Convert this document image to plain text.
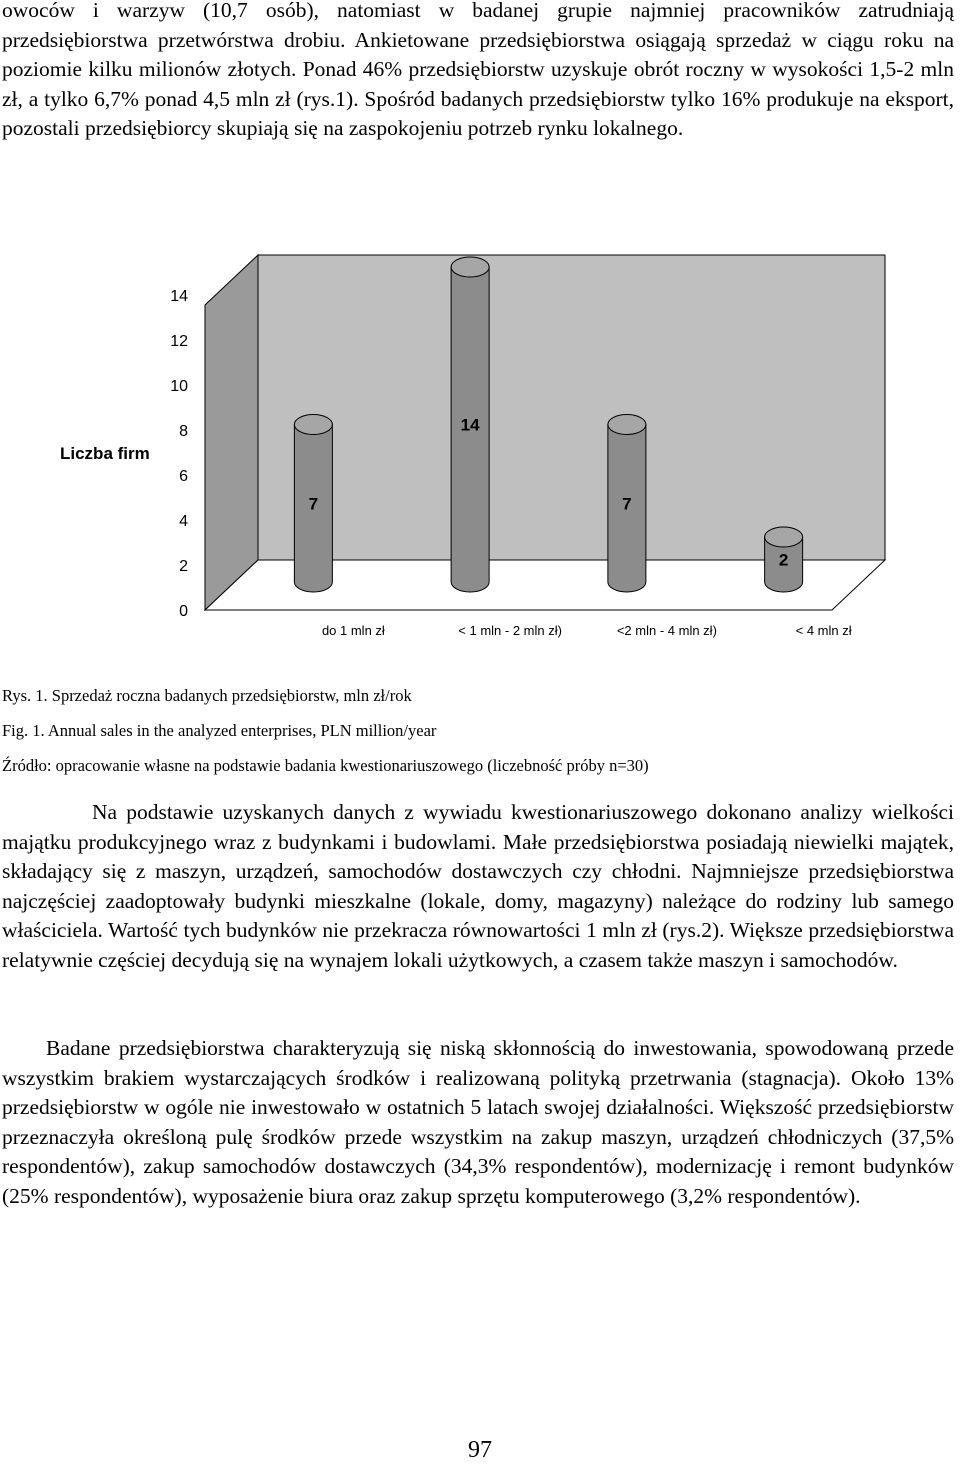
owoców i warzyw (10,7 osób), natomiast w badanej grupie najmniej pracowników zatrudniają przedsiębiorstwa przetwórstwa drobiu. Ankietowane przedsiębiorstwa osiągają sprzedaż w ciągu roku na poziomie kilku milionów złotych. Ponad 46% przedsiębiorstw uzyskuje obrót roczny w wysokości 1,5-2 mln zł, a tylko 6,7% ponad 4,5 mln zł (rys.1). Spośród badanych przedsiębiorstw tylko 16% produkuje na eksport, pozostali przedsiębiorcy skupiają się na zaspokojeniu potrzeb rynku lokalnego.

0
2
4
6
8
10
12
14
7
14
7
2
do 1 mln zł	< 1 mln - 2 mln zł)	<2 mln - 4 mln zł)	< 4 mln zł
Liczba firm

Rys. 1. Sprzedaż roczna badanych przedsiębiorstw, mln zł/rok

Fig. 1. Annual sales in the analyzed enterprises, PLN million/year

Źródło: opracowanie własne na podstawie badania kwestionariuszowego (liczebność próby n=30)

Na podstawie uzyskanych danych z wywiadu kwestionariuszowego dokonano analizy wielkości majątku produkcyjnego wraz z budynkami i budowlami. Małe przedsiębiorstwa posiadają niewielki majątek, składający się z maszyn, urządzeń, samochodów dostawczych czy chłodni. Najmniejsze przedsiębiorstwa najczęściej zaadoptowały budynki mieszkalne (lokale, domy, magazyny) należące do rodziny lub samego właściciela. Wartość tych budynków nie przekracza równowartości 1 mln zł (rys.2). Większe przedsiębiorstwa relatywnie częściej decydują się na wynajem lokali użytkowych, a czasem także maszyn i samochodów.

Badane przedsiębiorstwa charakteryzują się niską skłonnością do inwestowania, spowodowaną przede wszystkim brakiem wystarczających środków i realizowaną polityką przetrwania (stagnacja). Około 13% przedsiębiorstw w ogóle nie inwestowało w ostatnich 5 latach swojej działalności. Większość przedsiębiorstw przeznaczyła określoną pulę środków przede wszystkim na zakup maszyn, urządzeń chłodniczych (37,5% respondentów), zakup samochodów dostawczych (34,3% respondentów), modernizację i remont budynków (25% respondentów), wyposażenie biura oraz zakup sprzętu komputerowego (3,2% respondentów).

97
